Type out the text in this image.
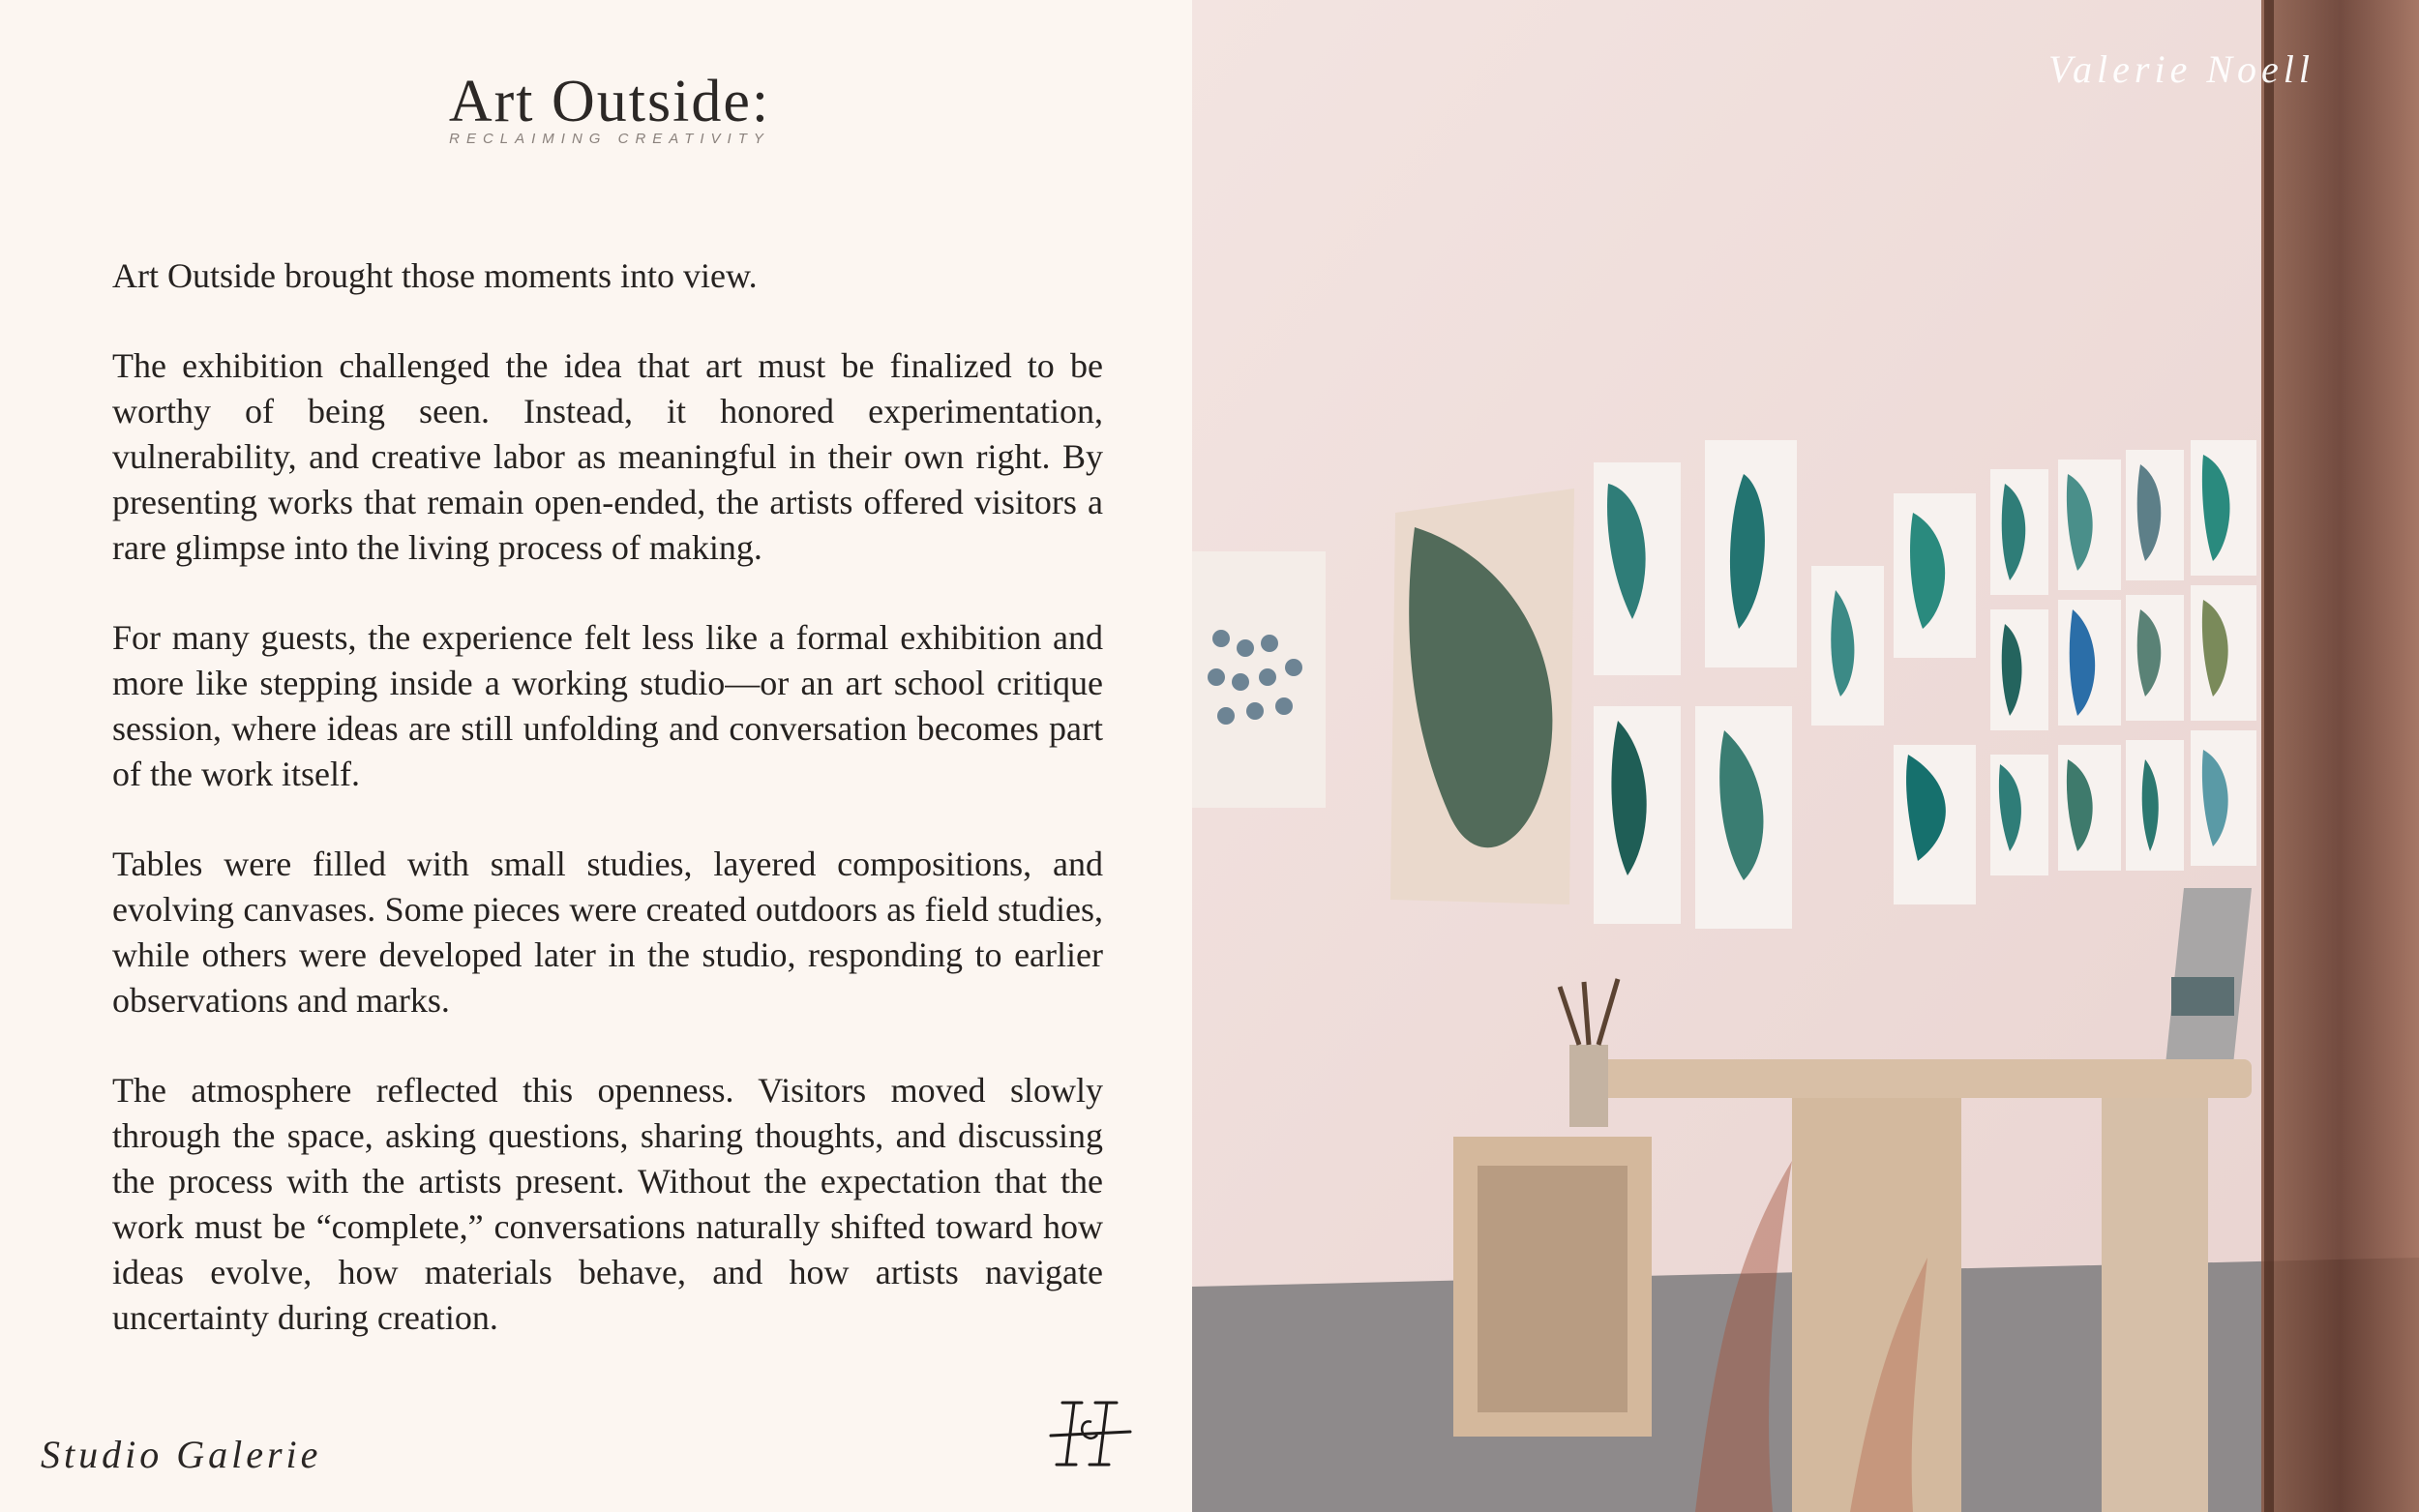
Art Outside:
RECLAIMING CREATIVITY

Art Outside brought those moments into view.

The exhibition challenged the idea that art must be finalized to be worthy of being seen. Instead, it honored experimentation, vulnerability, and creative labor as meaningful in their own right. By presenting works that remain open-ended, the artists offered visitors a rare glimpse into the living process of making.

For many guests, the experience felt less like a formal exhibition and more like stepping inside a working studio—or an art school critique session, where ideas are still unfolding and conversation becomes part of the work itself.

Tables were filled with small studies, layered compositions, and evolving canvases. Some pieces were created outdoors as field studies, while others were developed later in the studio, responding to earlier observations and marks.

The atmosphere reflected this openness. Visitors moved slowly through the space, asking questions, sharing thoughts, and discussing the process with the artists present. Without the expectation that the work must be “complete,” conversations naturally shifted toward how ideas evolve, how materials behave, and how artists navigate uncertainty during creation.

Studio Galerie
Valerie Noell
